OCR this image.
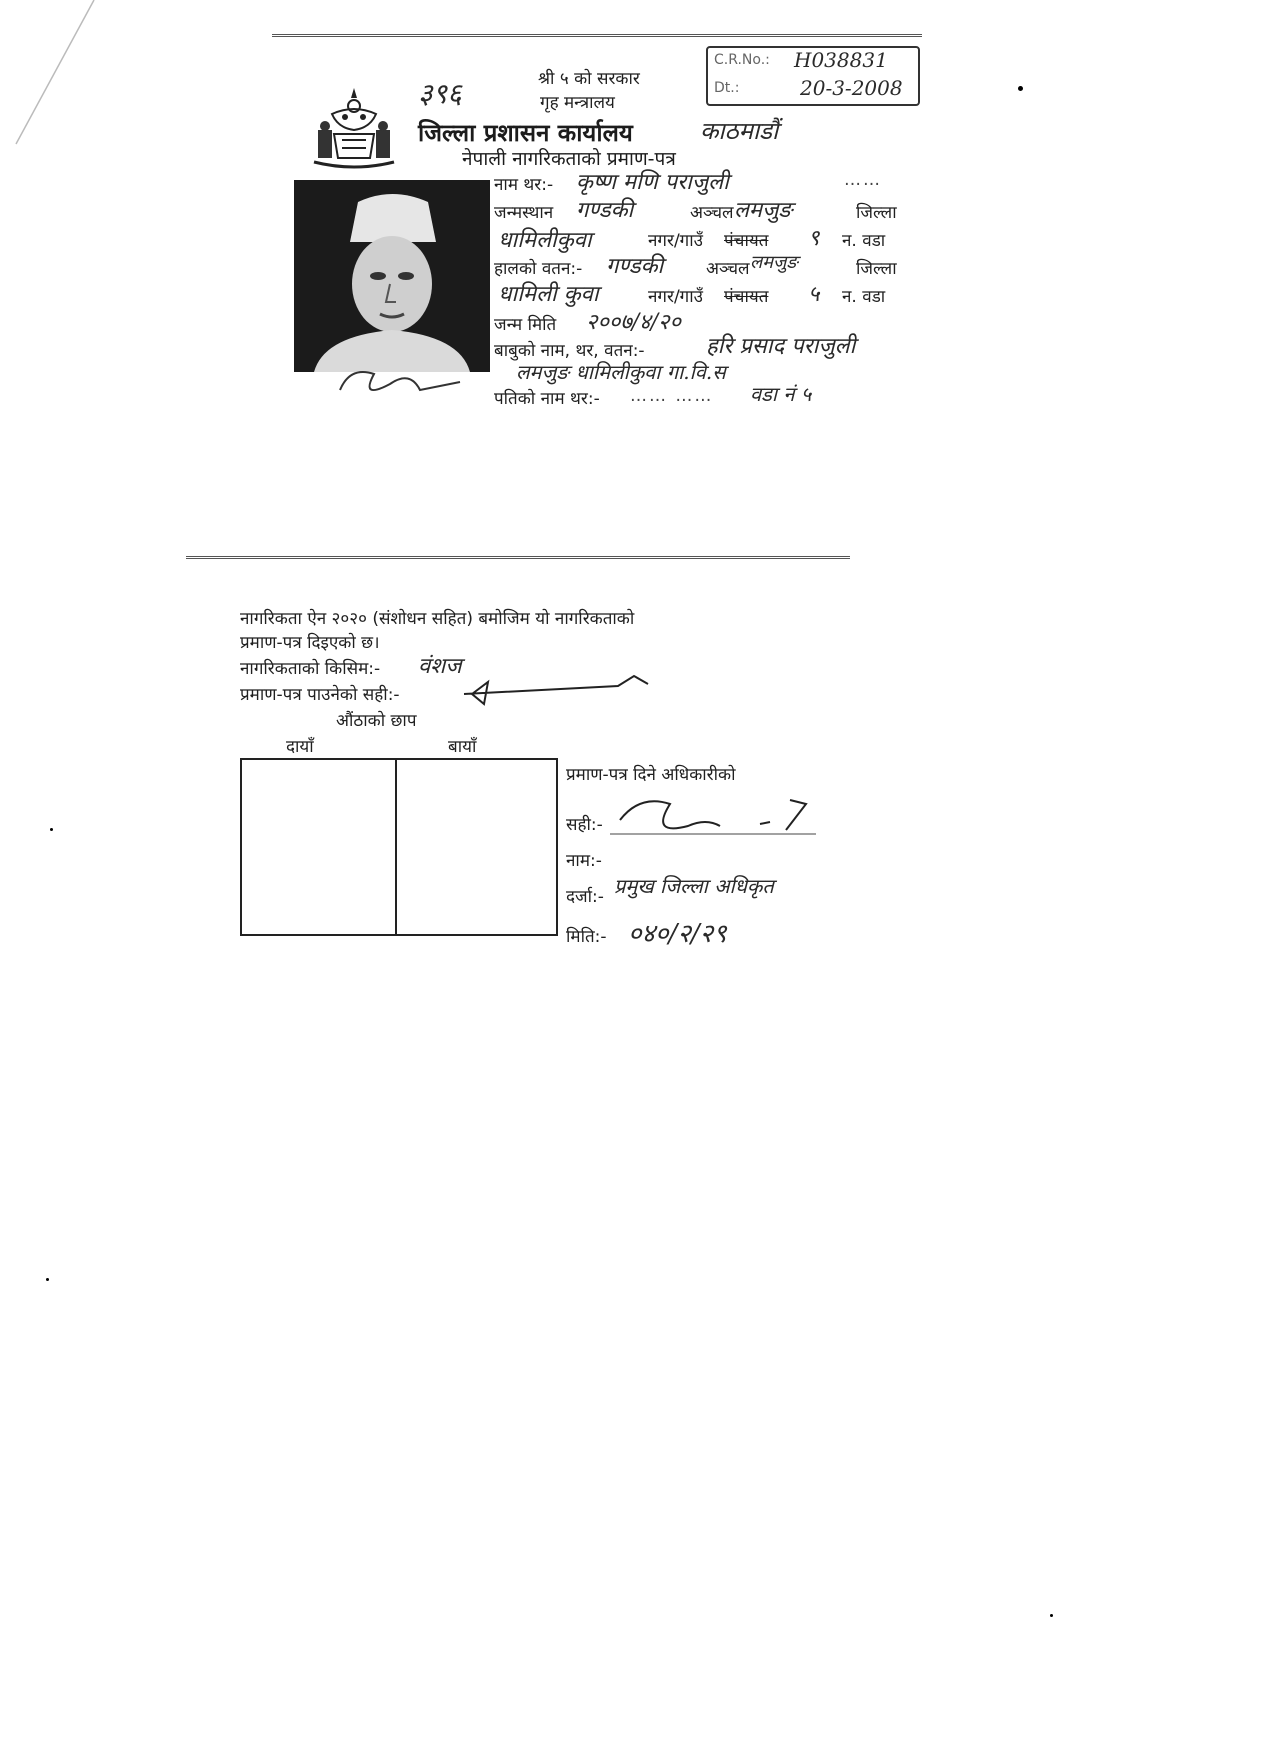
३९६	श्री ५ को सरकार
गृह मन्त्रालय
जिल्ला प्रशासन कार्यालय	काठमाडौं
नेपाली नागरिकताको प्रमाण-पत्र
C.R.No.: H038831
Dt.:	20-3-2008
नाम थर:- कृष्ण मणि पराजुली	……
जन्मस्थान गण्डकी	अञ्चल लमजुङ	जिल्ला
धामिलीकुवा	नगर/गाउँ पंचायत ९ न. वडा
हालको वतन:- गण्डकी	अञ्चल लमजुङ	जिल्ला
धामिली कुवा	नगर/गाउँ पंचायत ५ न. वडा
जन्म मिति २००७/४/२०
बाबुको नाम, थर, वतन:-	हरि प्रसाद पराजुली
लमजुङ धामिलीकुवा गा.वि.स
पतिको नाम थर:- …… …… वडा नं ५
नागरिकता ऐन २०२० (संशोधन सहित) बमोजिम यो नागरिकताको
प्रमाण-पत्र दिइएको छ।
नागरिकताको किसिम:- वंशज
प्रमाण-पत्र पाउनेको सही:-
औंठाको छाप
दायाँ	बायाँ
प्रमाण-पत्र दिने अधिकारीको
सही:-
नाम:-
दर्जा:- प्रमुख जिल्ला अधिकृत
मिति:- ०४०/२/२९
